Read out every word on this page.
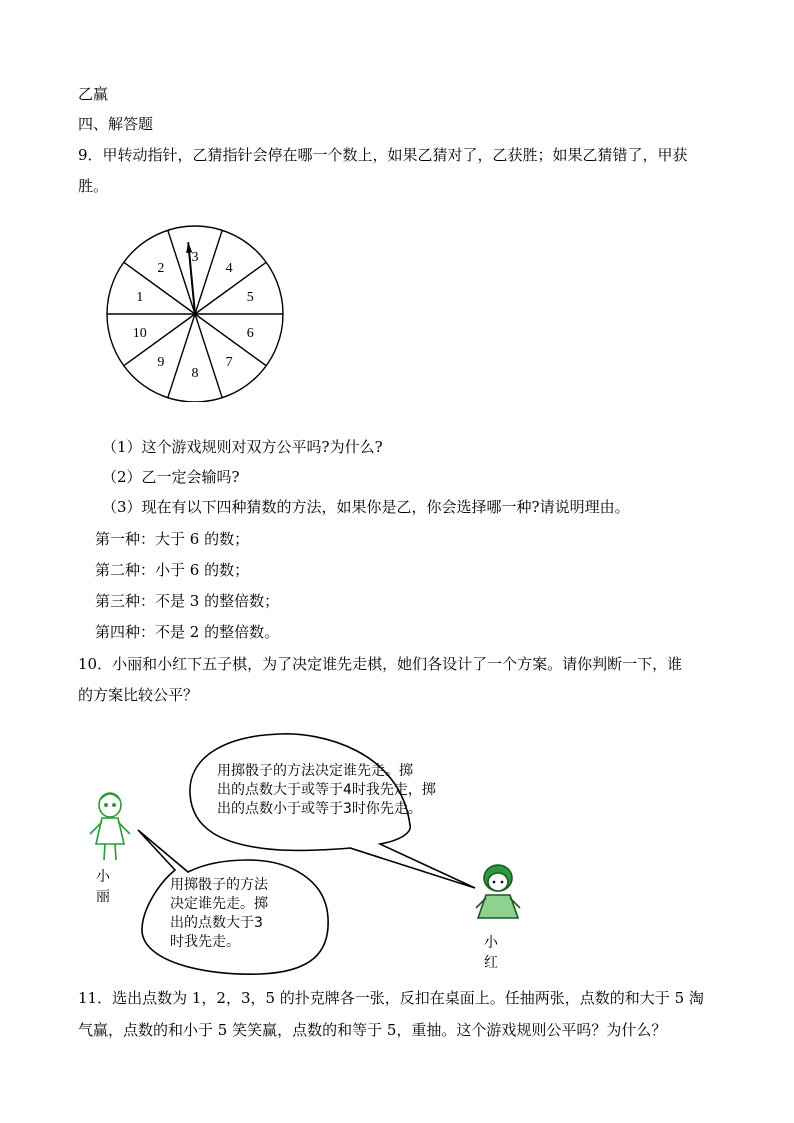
乙赢
四、解答题
9．甲转动指针，乙猜指针会停在哪一个数上，如果乙猜对了，乙获胜；如果乙猜错了，甲获
胜。
3
4
5
6
7
8
9
10
1
2
（1）这个游戏规则对双方公平吗?为什么?
（2）乙一定会输吗?
（3）现在有以下四种猜数的方法，如果你是乙，你会选择哪一种?请说明理由。
第一种：大于 6 的数；
第二种：小于 6 的数；
第三种：不是 3 的整倍数；
第四种：不是 2 的整倍数。
10．小丽和小红下五子棋，为了决定谁先走棋，她们各设计了一个方案。请你判断一下，谁
的方案比较公平？
用掷骰子的方法决定谁先走。掷
出的点数大于或等于4时我先走，掷
出的点数小于或等于3时你先走。
用掷骰子的方法
决定谁先走。掷
出的点数大于3
时我先走。
小丽
小红
11．选出点数为 1，2，3，5 的扑克牌各一张，反扣在桌面上。任抽两张，点数的和大于 5 淘
气赢，点数的和小于 5 笑笑赢，点数的和等于 5，重抽。这个游戏规则公平吗？为什么？
